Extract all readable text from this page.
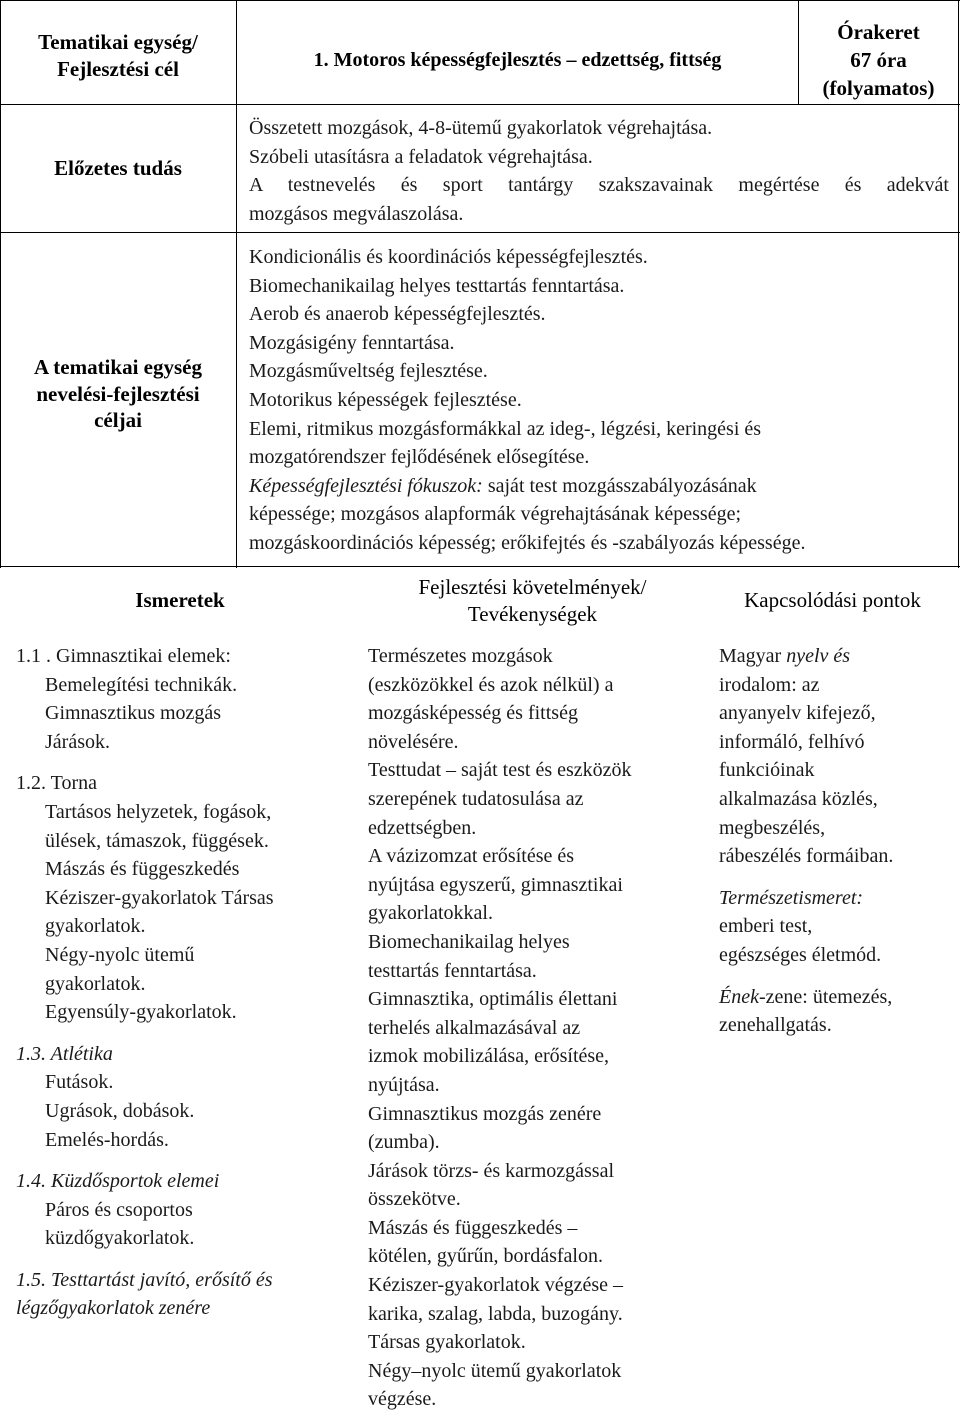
Tematikai egység/
Fejlesztési cél	1. Motoros képességfejlesztés – edzettség, fittség
Órakeret
67 óra
(folyamatos)
Előzetes tudás
Összetett mozgások, 4-8-ütemű gyakorlatok végrehajtása.
Szóbeli utasításra a feladatok végrehajtása.
A testnevelés és sport tantárgy szakszavainak megértése és adekvát
mozgásos megválaszolása.
A tematikai egység
nevelési-fejlesztési
céljai
Kondicionális és koordinációs képességfejlesztés.
Biomechanikailag helyes testtartás fenntartása.
Aerob és anaerob képességfejlesztés.
Mozgásigény fenntartása.
Mozgásműveltség fejlesztése.
Motorikus képességek fejlesztése.
Elemi, ritmikus mozgásformákkal az ideg-, légzési, keringési és
mozgatórendszer fejlődésének elősegítése.
Képességfejlesztési fókuszok: saját test mozgásszabályozásának
képessége; mozgásos alapformák végrehajtásának képessége;
mozgáskoordinációs képesség; erőkifejtés és -szabályozás képessége.
Ismeretek
Fejlesztési követelmények/
Tevékenységek
Kapcsolódási pontok
1.1 . Gimnasztikai elemek:
Bemelegítési technikák.
Gimnasztikus mozgás
Járások.
1.2. Torna
Tartásos helyzetek, fogások,
ülések, támaszok, függések.
Mászás és függeszkedés
Kéziszer-gyakorlatok Társas
gyakorlatok.
Négy-nyolc ütemű
gyakorlatok.
Egyensúly-gyakorlatok.
1.3. Atlétika
Futások.
Ugrások, dobások.
Emelés-hordás.
1.4. Küzdősportok elemei
Páros és csoportos
küzdőgyakorlatok.
1.5. Testtartást javító, erősítő és
légzőgyakorlatok zenére
Természetes mozgások
(eszközökkel és azok nélkül) a
mozgásképesség és fittség
növelésére.
Testtudat – saját test és eszközök
szerepének tudatosulása az
edzettségben.
A vázizomzat erősítése és
nyújtása egyszerű, gimnasztikai
gyakorlatokkal.
Biomechanikailag helyes
testtartás fenntartása.
Gimnasztika, optimális élettani
terhelés alkalmazásával az
izmok mobilizálása, erősítése,
nyújtása.
Gimnasztikus mozgás zenére
(zumba).
Járások törzs- és karmozgással
összekötve.
Mászás és függeszkedés –
kötélen, gyűrűn, bordásfalon.
Kéziszer-gyakorlatok végzése –
karika, szalag, labda, buzogány.
Társas gyakorlatok.
Négy–nyolc ütemű gyakorlatok
végzése.
Magyar nyelv és
irodalom: az
anyanyelv kifejező,
informáló, felhívó
funkcióinak
alkalmazása közlés,
megbeszélés,
rábeszélés formáiban.
Természetismeret:
emberi test,
egészséges életmód.
Ének-zene: ütemezés,
zenehallgatás.
